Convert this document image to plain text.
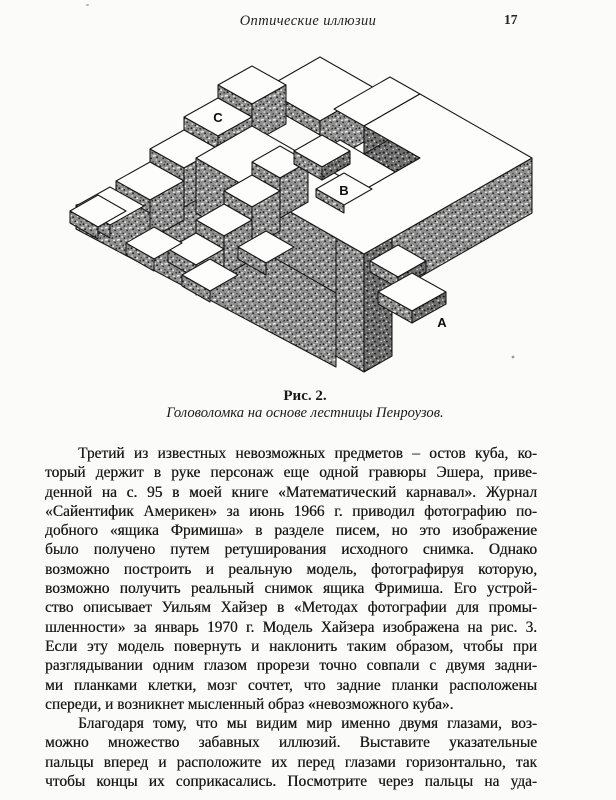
Оптические иллюзии	17
C
B
A
Рис. 2.
Головоломка на основе лестницы Пенроузов.
Третий из известных невозможных предметов – остов куба, ко-
торый держит в руке персонаж еще одной гравюры Эшера, приве-
денной на с. 95 в моей книге «Математический карнавал». Журнал
«Сайентифик Америкен» за июнь 1966 г. приводил фотографию по-
добного «ящика Фримиша» в разделе писем, но это изображение
было получено путем ретуширования исходного снимка. Однако
возможно построить и реальную модель, фотографируя которую,
возможно получить реальный снимок ящика Фримиша. Его устрой-
ство описывает Уильям Хайзер в «Методах фотографии для промы-
шленности» за январь 1970 г. Модель Хайзера изображена на рис. 3.
Если эту модель повернуть и наклонить таким образом, чтобы при
разглядывании одним глазом прорези точно совпали с двумя задни-
ми планками клетки, мозг сочтет, что задние планки расположены
спереди, и возникнет мысленный образ «невозможного куба».
Благодаря тому, что мы видим мир именно двумя глазами, воз-
можно множество забавных иллюзий. Выставите указательные
пальцы вперед и расположите их перед глазами горизонтально, так
чтобы концы их соприкасались. Посмотрите через пальцы на уда-
